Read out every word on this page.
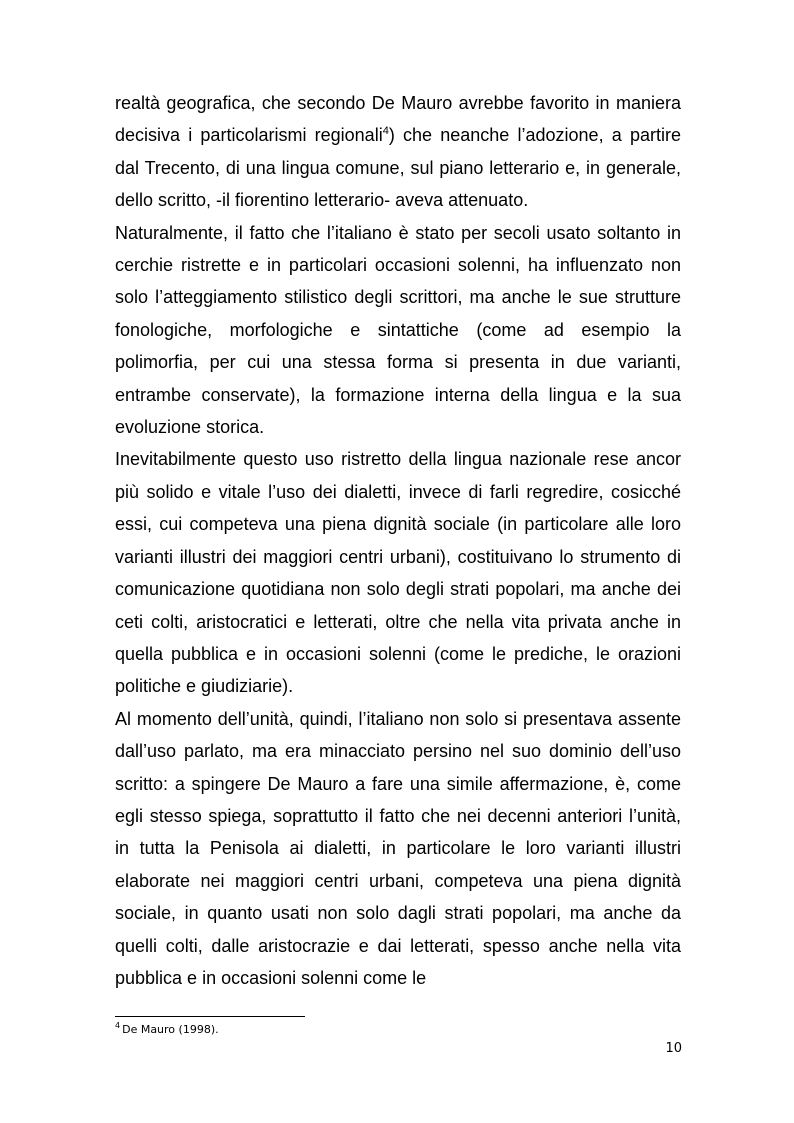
realtà geografica, che secondo De Mauro avrebbe favorito in maniera decisiva i particolarismi regionali$^4$) che neanche l’adozione, a partire dal Trecento, di una lingua comune, sul piano letterario e, in generale, dello scritto, -il fiorentino letterario- aveva attenuato.

Naturalmente, il fatto che l’italiano è stato per secoli usato soltanto in cerchie ristrette e in particolari occasioni solenni, ha influenzato non solo l’atteggiamento stilistico degli scrittori, ma anche le sue strutture fonologiche, morfologiche e sintattiche (come ad esempio la polimorfia, per cui una stessa forma si presenta in due varianti, entrambe conservate), la formazione interna della lingua e la sua evoluzione storica.

Inevitabilmente questo uso ristretto della lingua nazionale rese ancor più solido e vitale l’uso dei dialetti, invece di farli regredire, cosicché essi, cui competeva una piena dignità sociale (in particolare alle loro varianti illustri dei maggiori centri urbani), costituivano lo strumento di comunicazione quotidiana non solo degli strati popolari, ma anche dei ceti colti, aristocratici e letterati, oltre che nella vita privata anche in quella pubblica e in occasioni solenni (come le prediche, le orazioni politiche e giudiziarie).

Al momento dell’unità, quindi, l’italiano non solo si presentava assente dall’uso parlato, ma era minacciato persino nel suo dominio dell’uso scritto: a spingere De Mauro a fare una simile affermazione, è, come egli stesso spiega, soprattutto il fatto che nei decenni anteriori l’unità, in tutta la Penisola ai dialetti, in particolare le loro varianti illustri elaborate nei maggiori centri urbani, competeva una piena dignità sociale, in quanto usati non solo dagli strati popolari, ma anche da quelli colti, dalle aristocrazie e dai letterati, spesso anche nella vita pubblica e in occasioni solenni come le

$^4$ De Mauro (1998).
10
